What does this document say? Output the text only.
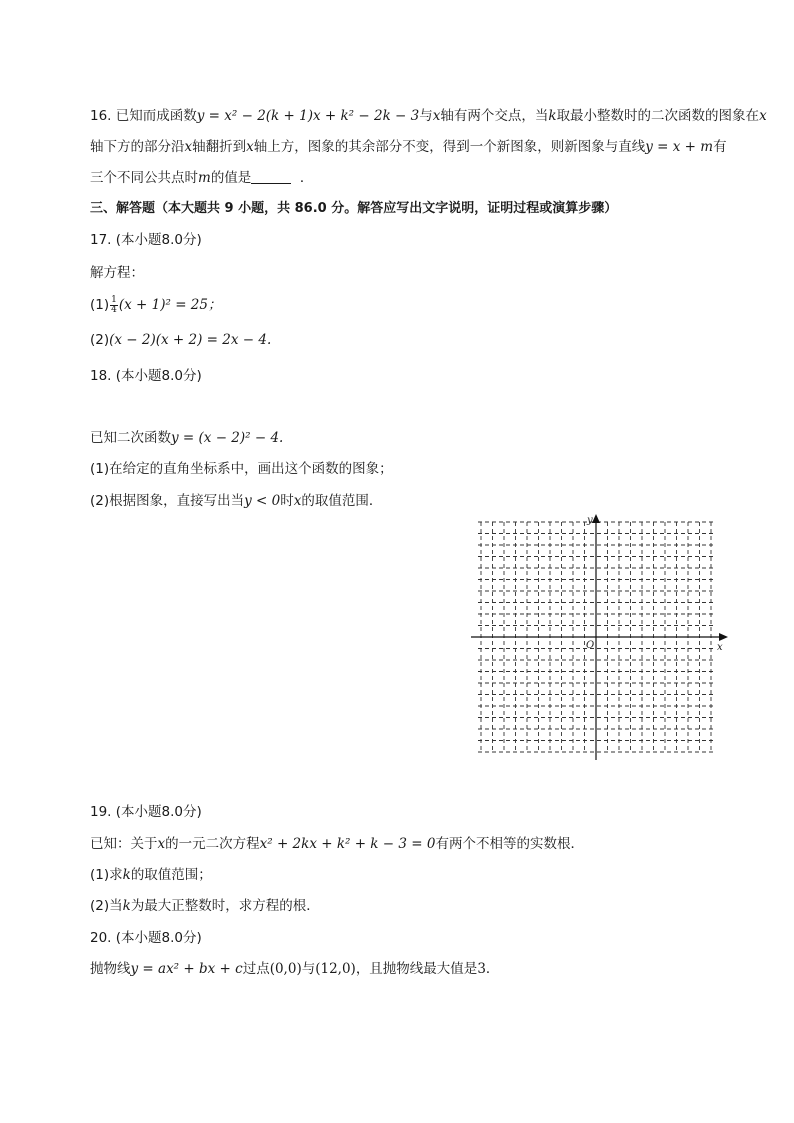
16. 已知而成函数y = x² − 2(k + 1)x + k² − 2k − 3与x轴有两个交点，当k取最小整数时的二次函数的图象在x
轴下方的部分沿x轴翻折到x轴上方，图象的其余部分不变，得到一个新图象，则新图象与直线y = x + m有
三个不同公共点时m的值是	．
三、解答题（本大题共 9 小题，共 86.0 分。解答应写出文字说明，证明过程或演算步骤）
17. (本小题8.0分)
解方程：
$(1) \frac{1}{4} (x + 1)^2 = 25$；
(2)(x − 2)(x + 2) = 2x − 4.
18. (本小题8.0分)
已知二次函数y = (x − 2)² − 4.
(1)在给定的直角坐标系中，画出这个函数的图象；
(2)根据图象，直接写出当y < 0时x的取值范围．
x
y
O
19. (本小题8.0分)
已知：关于x的一元二次方程x² + 2kx + k² + k − 3 = 0有两个不相等的实数根．
(1)求k的取值范围；
(2)当k为最大正整数时，求方程的根．
20. (本小题8.0分)
抛物线y = ax² + bx + c过点(0,0)与(12,0)，且抛物线最大值是3．
